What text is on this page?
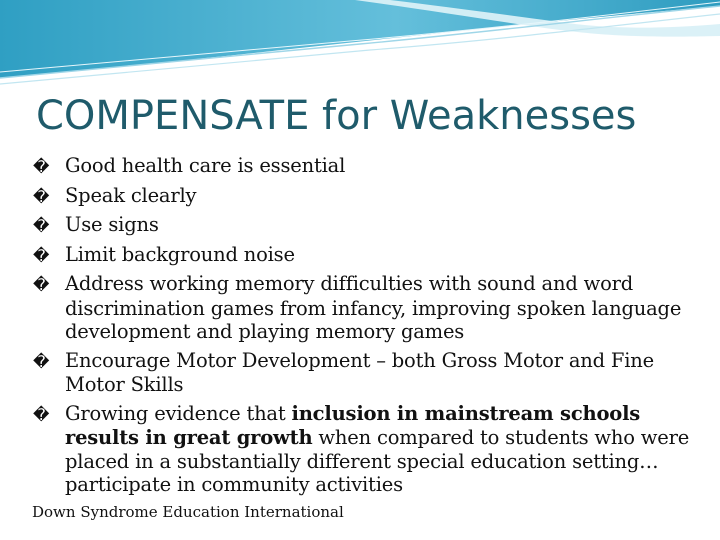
COMPENSATE for Weaknesses
� Good health care is essential
� Speak clearly
� Use signs
� Limit background noise
� Address working memory difficulties with sound and word discrimination games from infancy, improving spoken language development and playing memory games
� Encourage Motor Development – both Gross Motor and Fine Motor Skills
� Growing evidence that inclusion in mainstream schools results in great growth when compared to students who were placed in a substantially different special education setting…participate in community activities

Down Syndrome Education International
